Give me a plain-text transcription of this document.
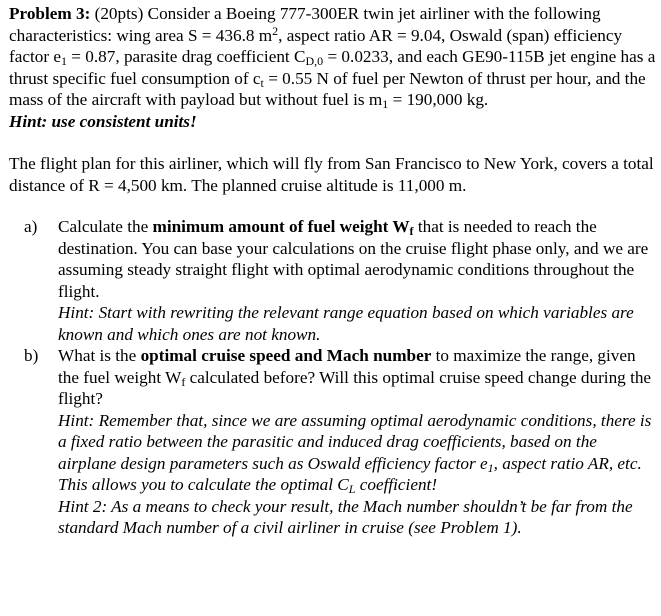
Problem 3: (20pts) Consider a Boeing 777-300ER twin jet airliner with the following characteristics: wing area S = 436.8 $m^2$, aspect ratio AR = 9.04, Oswald (span) efficiency factor $e_1 = 0.87$, parasite drag coefficient $C_{D,0} = 0.0233$, and each GE90-115B jet engine has a thrust specific fuel consumption of $c_t = 0.55$ N of fuel per Newton of thrust per hour, and the mass of the aircraft with payload but without fuel is $m_1 = 190,000$ kg.

Hint: use consistent units!

The flight plan for this airliner, which will fly from San Francisco to New York, covers a total distance of R = 4,500 km. The planned cruise altitude is 11,000 m.

a) Calculate the minimum amount of fuel weight $W_f$ that is needed to reach the destination. You can base your calculations on the cruise flight phase only, and we are assuming steady straight flight with optimal aerodynamic conditions throughout the flight.

Hint: Start with rewriting the relevant range equation based on which variables are known and which ones are not known.

b) What is the optimal cruise speed and Mach number to maximize the range, given the fuel weight $W_f$ calculated before? Will this optimal cruise speed change during the flight?

Hint: Remember that, since we are assuming optimal aerodynamic conditions, there is a fixed ratio between the parasitic and induced drag coefficients, based on the airplane design parameters such as Oswald efficiency factor $e_1$, aspect ratio AR, etc. This allows you to calculate the optimal $C_L$ coefficient!

Hint 2: As a means to check your result, the Mach number shouldn’t be far from the standard Mach number of a civil airliner in cruise (see Problem 1).
